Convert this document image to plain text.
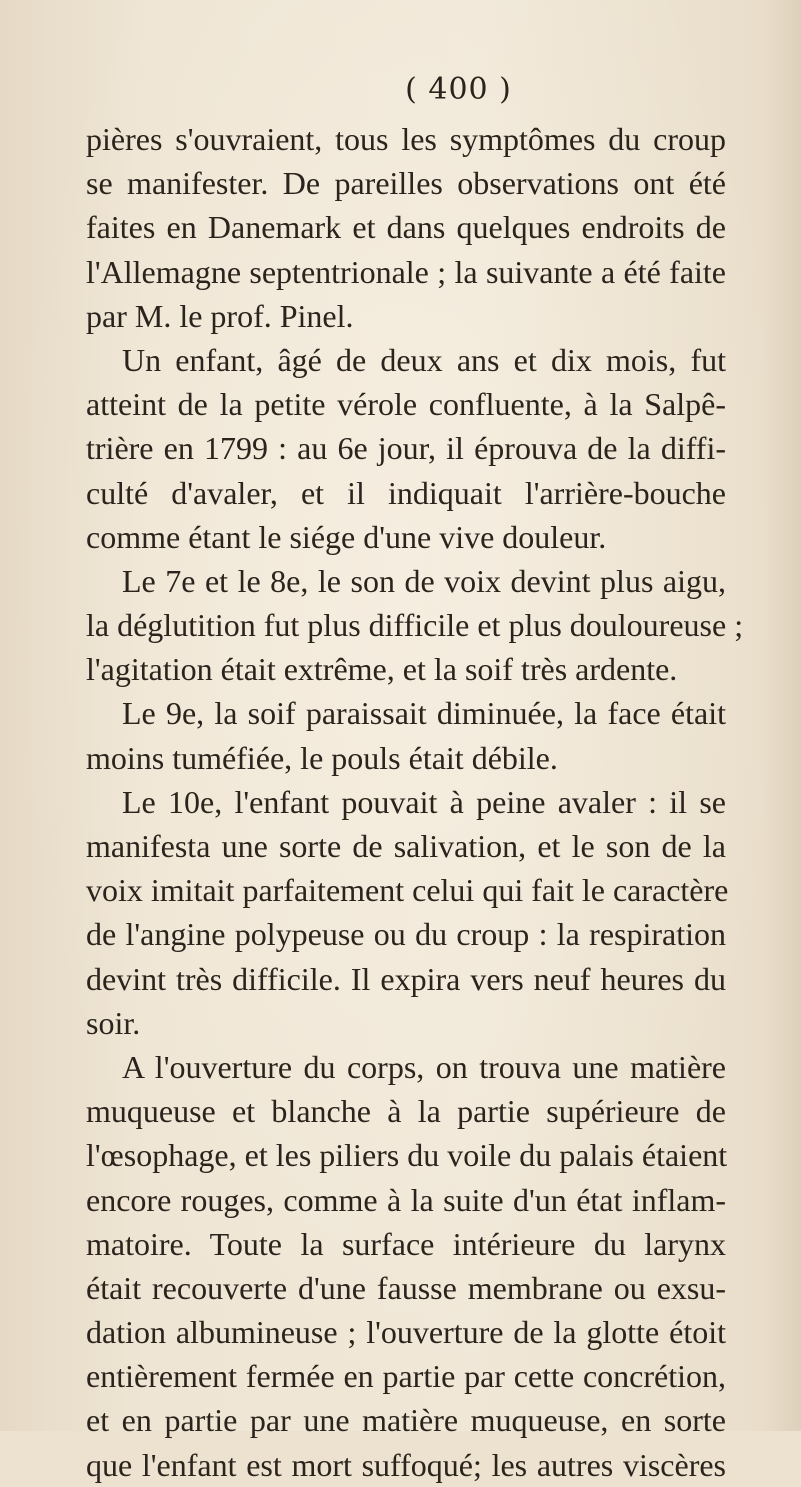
( 400 )
pières s'ouvraient, tous les symptômes du croup
se manifester. De pareilles observations ont été
faites en Danemark et dans quelques endroits de
l'Allemagne septentrionale ; la suivante a été faite
par M. le prof. Pinel.
Un enfant, âgé de deux ans et dix mois, fut
atteint de la petite vérole confluente, à la Salpê-
trière en 1799 : au 6e jour, il éprouva de la diffi-
culté d'avaler, et il indiquait l'arrière-bouche
comme étant le siége d'une vive douleur.
Le 7e et le 8e, le son de voix devint plus aigu,
la déglutition fut plus difficile et plus douloureuse ;
l'agitation était extrême, et la soif très ardente.
Le 9e, la soif paraissait diminuée, la face était
moins tuméfiée, le pouls était débile.
Le 10e, l'enfant pouvait à peine avaler : il se
manifesta une sorte de salivation, et le son de la
voix imitait parfaitement celui qui fait le caractère
de l'angine polypeuse ou du croup : la respiration
devint très difficile. Il expira vers neuf heures du
soir.
A l'ouverture du corps, on trouva une matière
muqueuse et blanche à la partie supérieure de
l'œsophage, et les piliers du voile du palais étaient
encore rouges, comme à la suite d'un état inflam-
matoire. Toute la surface intérieure du larynx
était recouverte d'une fausse membrane ou exsu-
dation albumineuse ; l'ouverture de la glotte étoit
entièrement fermée en partie par cette concrétion,
et en partie par une matière muqueuse, en sorte
que l'enfant est mort suffoqué; les autres viscères
